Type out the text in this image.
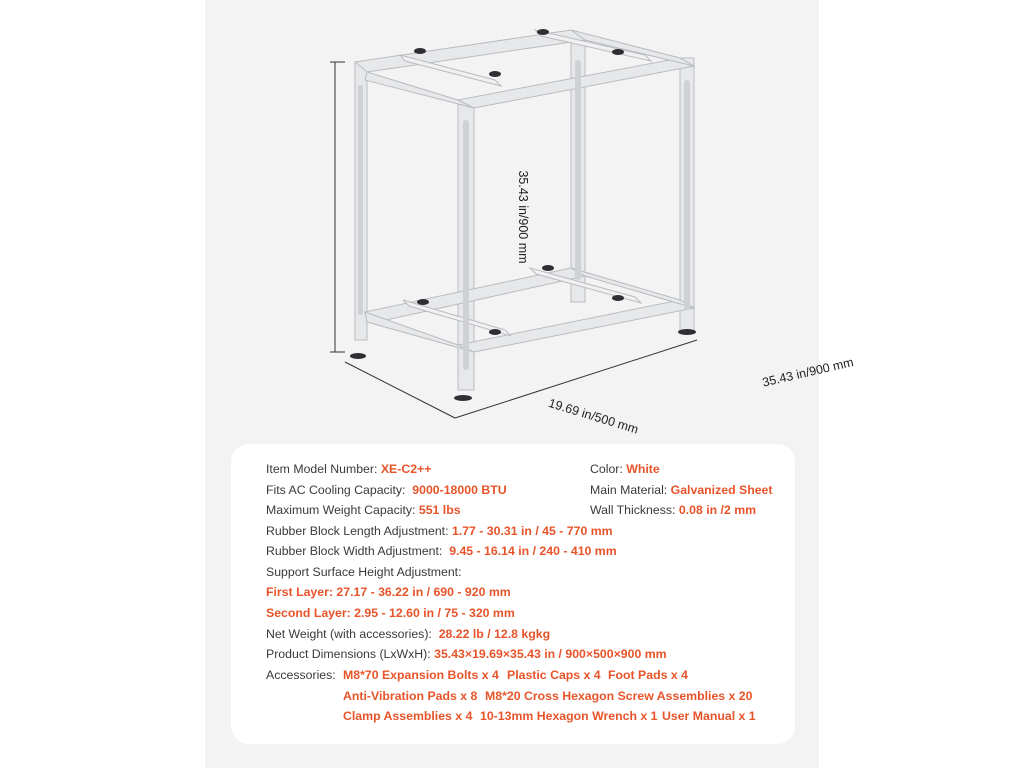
35.43 in/900 mm
19.69 in/500 mm
35.43 in/900 mm
Item Model Number: XE-C2++	Color: White
Fits AC Cooling Capacity: 9000-18000 BTU	Main Material: Galvanized Sheet
Maximum Weight Capacity: 551 lbs	Wall Thickness: 0.08 in /2 mm
Rubber Block Length Adjustment: 1.77 - 30.31 in / 45 - 770 mm
Rubber Block Width Adjustment: 9.45 - 16.14 in / 240 - 410 mm
Support Surface Height Adjustment:
First Layer: 27.17 - 36.22 in / 690 - 920 mm
Second Layer: 2.95 - 12.60 in / 75 - 320 mm
Net Weight (with accessories): 28.22 lb / 12.8 kgkg
Product Dimensions (LxWxH): 35.43×19.69×35.43 in / 900×500×900 mm
Accessories: M8*70 Expansion Bolts x 4 Plastic Caps x 4 Foot Pads x 4
Anti-Vibration Pads x 8 M8*20 Cross Hexagon Screw Assemblies x 20
Clamp Assemblies x 4 10-13mm Hexagon Wrench x 1 User Manual x 1
